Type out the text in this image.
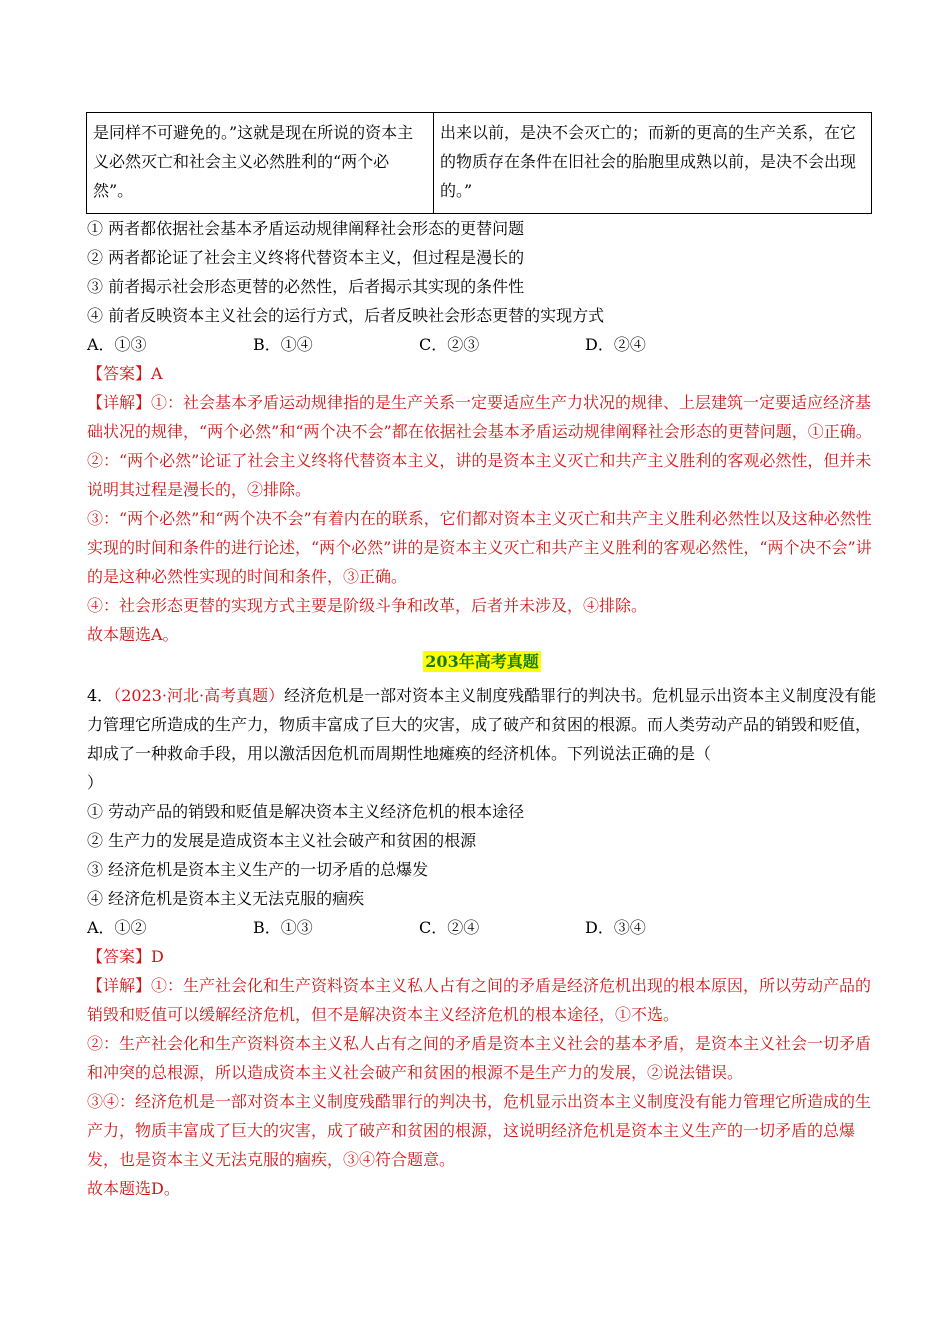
是同样不可避免的。”这就是现在所说的资本主义必然灭亡和社会主义必然胜利的“两个必然”。	出来以前，是决不会灭亡的；而新的更高的生产关系，在它的物质存在条件在旧社会的胎胞里成熟以前，是决不会出现的。”
① 两者都依据社会基本矛盾运动规律阐释社会形态的更替问题
② 两者都论证了社会主义终将代替资本主义，但过程是漫长的
③ 前者揭示社会形态更替的必然性，后者揭示其实现的条件性
④ 前者反映资本主义社会的运行方式，后者反映社会形态更替的实现方式
A．①③	B．①④	C．②③	D．②④
【答案】A
【详解】①：社会基本矛盾运动规律指的是生产关系一定要适应生产力状况的规律、上层建筑一定要适应经济基础状况的规律，“两个必然”和“两个决不会”都在依据社会基本矛盾运动规律阐释社会形态的更替问题，①正确。
②：“两个必然”论证了社会主义终将代替资本主义，讲的是资本主义灭亡和共产主义胜利的客观必然性，但并未说明其过程是漫长的，②排除。
③：“两个必然”和“两个决不会”有着内在的联系，它们都对资本主义灭亡和共产主义胜利必然性以及这种必然性实现的时间和条件的进行论述，“两个必然”讲的是资本主义灭亡和共产主义胜利的客观必然性，“两个决不会”讲的是这种必然性实现的时间和条件，③正确。
④：社会形态更替的实现方式主要是阶级斗争和改革，后者并未涉及，④排除。
故本题选A。
203年高考真题
4．（2023·河北·高考真题）经济危机是一部对资本主义制度残酷罪行的判决书。危机显示出资本主义制度没有能力管理它所造成的生产力，物质丰富成了巨大的灾害，成了破产和贫困的根源。而人类劳动产品的销毁和贬值，却成了一种救命手段，用以激活因危机而周期性地瘫痪的经济机体。下列说法正确的是（
）
① 劳动产品的销毁和贬值是解决资本主义经济危机的根本途径
② 生产力的发展是造成资本主义社会破产和贫困的根源
③ 经济危机是资本主义生产的一切矛盾的总爆发
④ 经济危机是资本主义无法克服的痼疾
A．①②	B．①③	C．②④	D．③④
【答案】D
【详解】①：生产社会化和生产资料资本主义私人占有之间的矛盾是经济危机出现的根本原因，所以劳动产品的销毁和贬值可以缓解经济危机，但不是解决资本主义经济危机的根本途径，①不选。
②：生产社会化和生产资料资本主义私人占有之间的矛盾是资本主义社会的基本矛盾，是资本主义社会一切矛盾和冲突的总根源，所以造成资本主义社会破产和贫困的根源不是生产力的发展，②说法错误。
③④：经济危机是一部对资本主义制度残酷罪行的判决书，危机显示出资本主义制度没有能力管理它所造成的生产力，物质丰富成了巨大的灾害，成了破产和贫困的根源，这说明经济危机是资本主义生产的一切矛盾的总爆发，也是资本主义无法克服的痼疾，③④符合题意。
故本题选D。
